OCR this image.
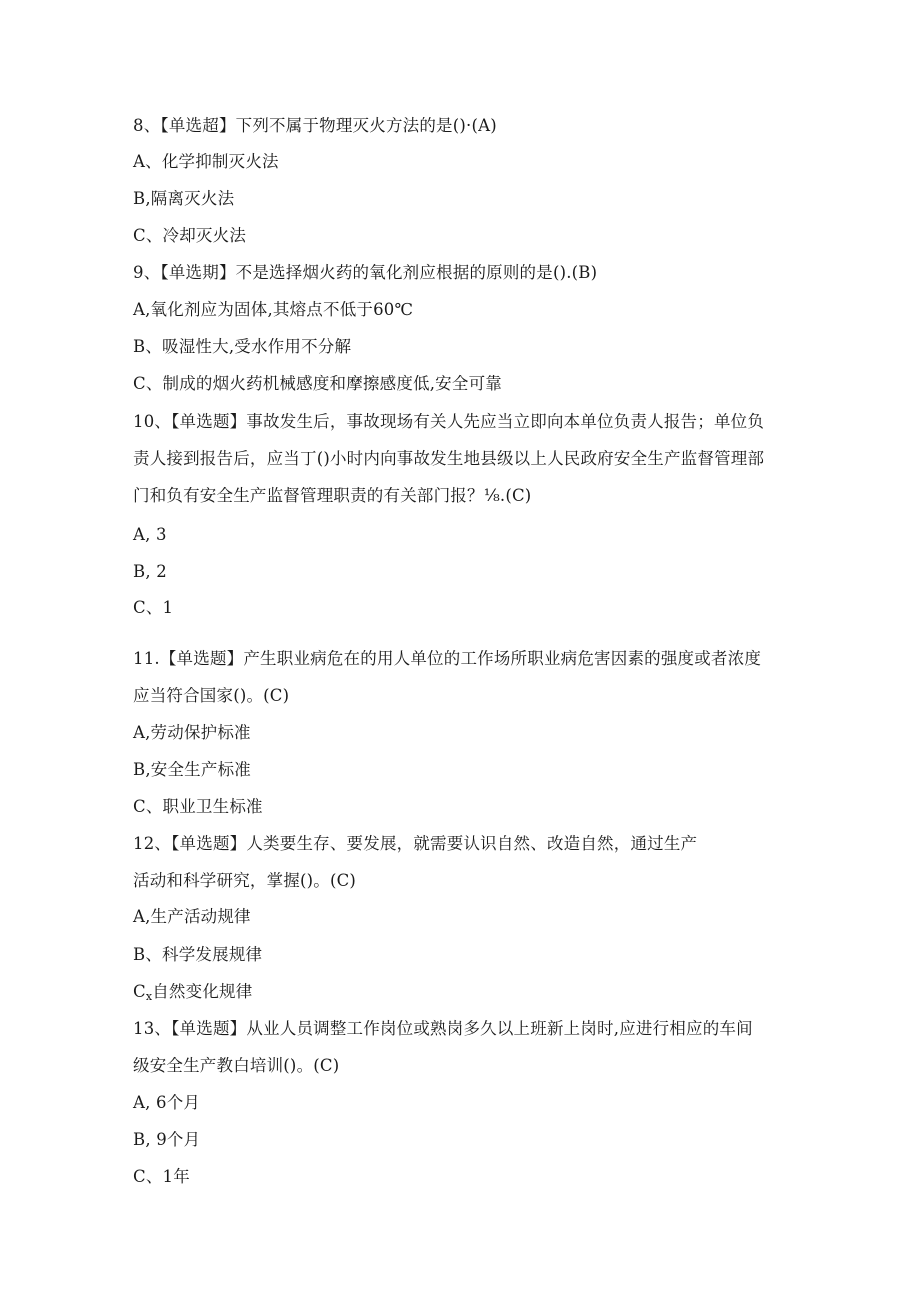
8、【单选超】下列不属于物理灭火方法的是()·(A)
A、化学抑制灭火法
B,隔离灭火法
C、冷却灭火法
9、【单选期】不是选择烟火药的氧化剂应根据的原则的是().(B)
A,氧化剂应为固体,其熔点不低于60℃
B、吸湿性大,受水作用不分解
C、制成的烟火药机械感度和摩擦感度低,安全可靠
10、【单选题】事故发生后，事故现场有关人先应当立即向本单位负责人报告；单位负
责人接到报告后，应当丁()小时内向事故发生地县级以上人民政府安全生产监督管理部
门和负有安全生产监督管理职责的有关部门报？⅛.(C)
A, 3
B, 2
C、1
11.【单选题】产生职业病危在的用人单位的工作场所职业病危害因素的强度或者浓度
应当符合国家()。(C)
A,劳动保护标准
B,安全生产标准
C、职业卫生标准
12、【单选题】人类要生存、要发展，就需要认识自然、改造自然，通过生产
活动和科学研究，掌握()。(C)
A,生产活动规律
B、科学发展规律
$C_x$自然变化规律
13、【单选题】从业人员调整工作岗位或熟岗多久以上班新上岗时,应进行相应的车间
级安全生产教白培训()。(C)
A, 6个月
B, 9个月
C、1年
